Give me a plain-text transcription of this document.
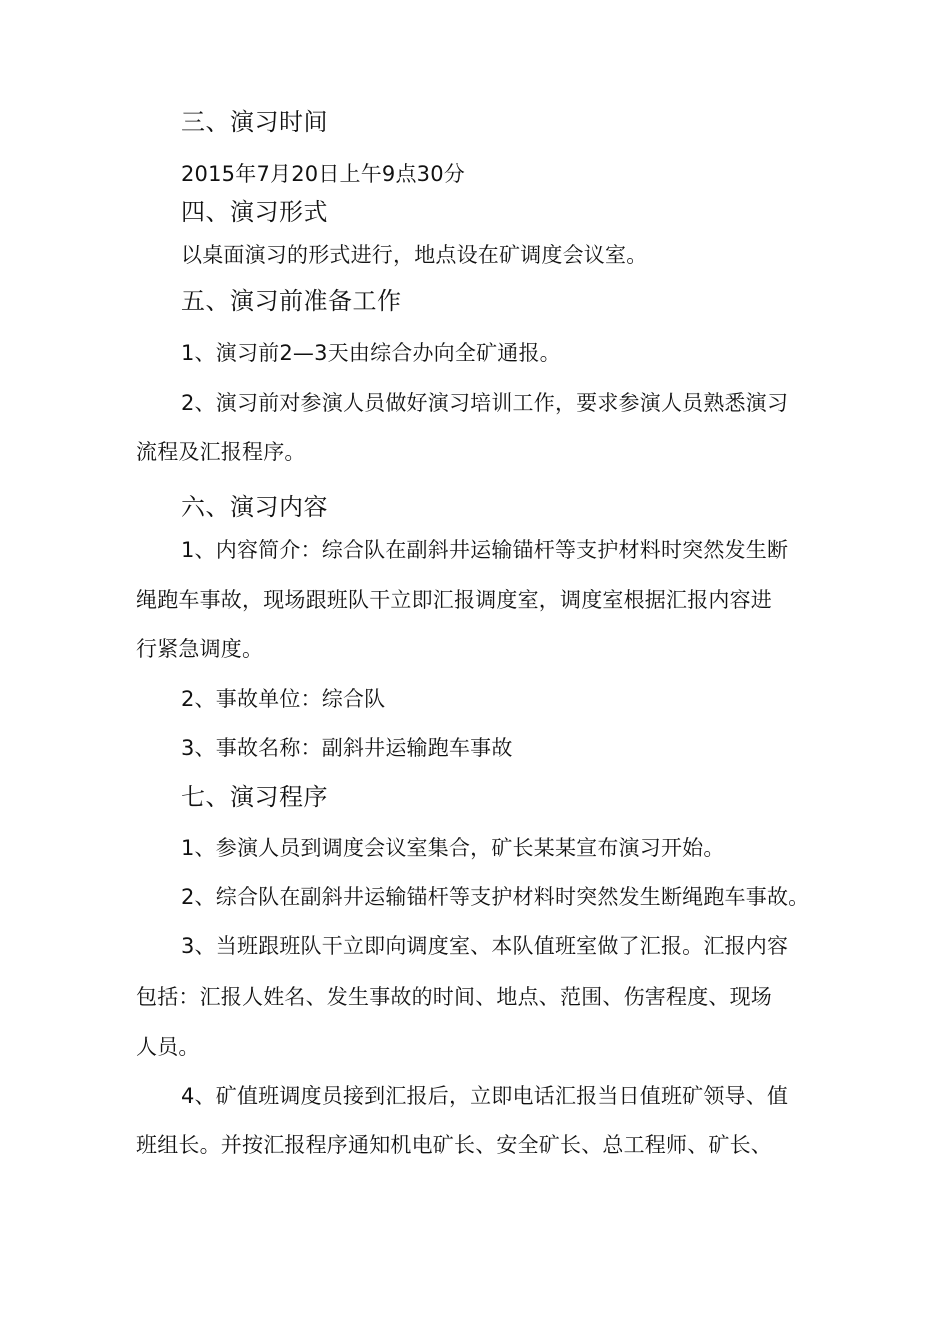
三、演习时间
2015年7月20日上午9点30分
四、演习形式
以桌面演习的形式进行，地点设在矿调度会议室。
五、演习前准备工作
1、演习前2—3天由综合办向全矿通报。
2、演习前对参演人员做好演习培训工作，要求参演人员熟悉演习
流程及汇报程序。
六、演习内容
1、内容简介：综合队在副斜井运输锚杆等支护材料时突然发生断
绳跑车事故，现场跟班队干立即汇报调度室，调度室根据汇报内容进
行紧急调度。
2、事故单位：综合队
3、事故名称：副斜井运输跑车事故
七、演习程序
1、参演人员到调度会议室集合，矿长某某宣布演习开始。
2、综合队在副斜井运输锚杆等支护材料时突然发生断绳跑车事故。
3、当班跟班队干立即向调度室、本队值班室做了汇报。汇报内容
包括：汇报人姓名、发生事故的时间、地点、范围、伤害程度、现场
人员。
4、矿值班调度员接到汇报后，立即电话汇报当日值班矿领导、值
班组长。并按汇报程序通知机电矿长、安全矿长、总工程师、矿长、
